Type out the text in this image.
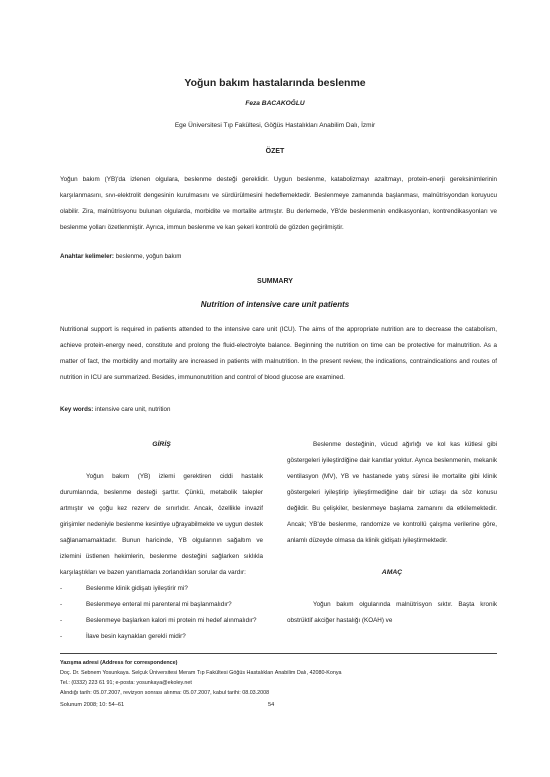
Yoğun bakım hastalarında beslenme
Feza BACAKOĞLU
Ege Üniversitesi Tıp Fakültesi, Göğüs Hastalıkları Anabilim Dalı, İzmir
ÖZET

Yoğun bakım (YB)'da izlenen olgulara, beslenme desteği gereklidir. Uygun beslenme, katabolizmayı azaltmayı, protein-enerji gereksinimlerinin karşılanmasını, sıvı-elektrolit dengesinin kurulmasını ve sürdürülmesini hedeflemektedir. Beslenmeye zamanında başlanması, malnütrisyondan koruyucu olabilir. Zira, malnütrisyonu bulunan olgularda, morbidite ve mortalite artmıştır. Bu derlemede, YB'de beslenmenin endikasyonları, kontrendikasyonları ve beslenme yolları özetlenmiştir. Ayrıca, immun beslenme ve kan şekeri kontrolü de gözden geçirilmiştir.

Anahtar kelimeler: beslenme, yoğun bakım

SUMMARY
Nutrition of intensive care unit patients

Nutritional support is required in patients attended to the intensive care unit (ICU). The aims of the appropriate nutrition are to decrease the catabolism, achieve protein-energy need, constitute and prolong the fluid-electrolyte balance. Beginning the nutrition on time can be protective for malnutrition. As a matter of fact, the morbidity and mortality are increased in patients with malnutrition. In the present review, the indications, contraindications and routes of nutrition in ICU are summarized. Besides, immunonutrition and control of blood glucose are examined.

Key words: intensive care unit, nutrition

GİRİŞ

Yoğun bakım (YB) izlemi gerektiren ciddi hastalık durumlarında, beslenme desteği şarttır. Çünkü, metabolik talepler artmıştır ve çoğu kez rezerv de sınırlıdır. Ancak, özellikle invazif girişimler nedeniyle beslenme kesintiye uğrayabilmekte ve uygun destek sağlanamamaktadır. Bunun haricinde, YB olgularının sağaltım ve izlemini üstlenen hekimlerin, beslenme desteğini sağlarken sıklıkla karşılaştıkları ve bazen yanıtlamada zorlandıkları sorular da vardır:

- Beslenme klinik gidişatı iyileştirir mi?
- Beslenmeye enteral mi parenteral mi başlanmalıdır?
- Beslenmeye başlarken kalori mi protein mi hedef alınmalıdır?
- İlave besin kaynakları gerekli midir?

Beslenme desteğinin, vücud ağırlığı ve kol kas kütlesi gibi göstergeleri iyileştirdiğine dair kanıtlar yoktur. Ayrıca beslenmenin, mekanik ventilasyon (MV), YB ve hastanede yatış süresi ile mortalite gibi klinik göstergeleri iyileştirip iyileştirmediğine dair bir uzlaşı da söz konusu değildir. Bu çelişkiler, beslenmeye başlama zamanını da etkilemektedir. Ancak; YB'de beslenme, randomize ve kontrollü çalışma verilerine göre, anlamlı düzeyde olmasa da klinik gidişatı iyileştirmektedir.

AMAÇ

Yoğun bakım olgularında malnütrisyon sıktır. Başta kronik obstrüktif akciğer hastalığı (KOAH) ve

Yazışma adresi (Address for correspondence)
Doç. Dr. Sebnem Yosunkaya. Selçuk Üniversitesi Meram Tıp Fakültesi Göğüs Hastalıkları Anabilim Dalı, 42080-Konya
Tel.: (0332) 223 61 91; e-posta: yosunkaya@ekoley.net
Alındığı tarih: 05.07.2007, revizyon sonrası alınma: 05.07.2007, kabul tarihi: 08.03.2008
Solunum 2008; 10: 54–61	54
